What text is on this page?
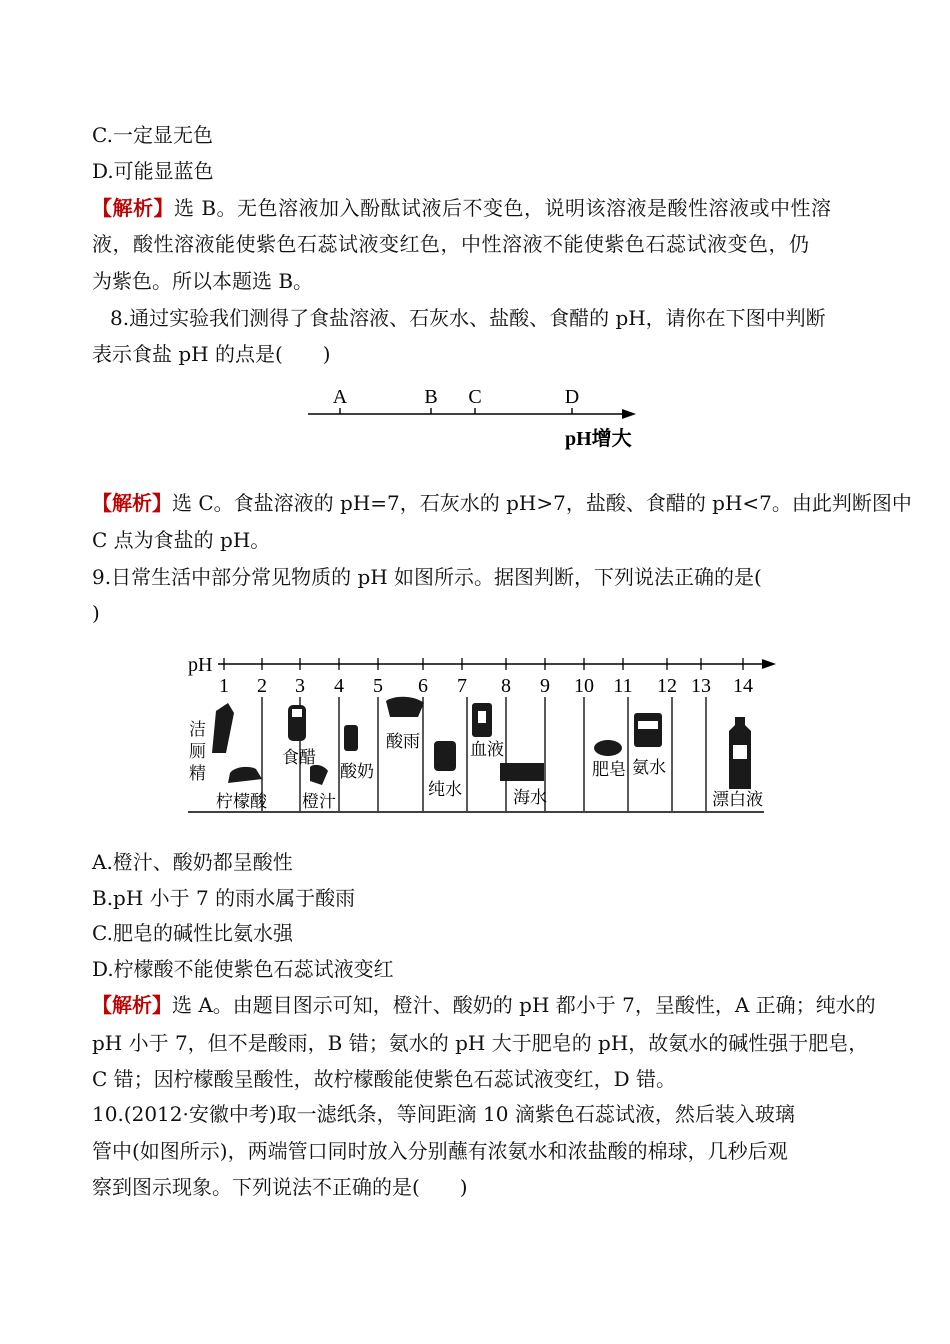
C.一定显无色
D.可能显蓝色
【解析】选 B。无色溶液加入酚酞试液后不变色，说明该溶液是酸性溶液或中性溶
液，酸性溶液能使紫色石蕊试液变红色，中性溶液不能使紫色石蕊试液变色，仍
为紫色。所以本题选 B。
8.通过实验我们测得了食盐溶液、石灰水、盐酸、食醋的 pH，请你在下图中判断
表示食盐 pH 的点是(　　)
A	B C	D
pH增大
【解析】选 C。食盐溶液的 pH=7，石灰水的 pH>7，盐酸、食醋的 pH<7。由此判断图中
C 点为食盐的 pH。
9.日常生活中部分常见物质的 pH 如图所示。据图判断，下列说法正确的是(
)
pH
1 2 3 4 5 6 7 8 9 10 11 12 13 14
柠檬酸
食醋
橙汁
酸奶
酸雨
纯水
血液
海水
肥皂 氨水
漂白液
洁厕精
A.橙汁、酸奶都呈酸性
B.pH 小于 7 的雨水属于酸雨
C.肥皂的碱性比氨水强
D.柠檬酸不能使紫色石蕊试液变红
【解析】选 A。由题目图示可知，橙汁、酸奶的 pH 都小于 7，呈酸性，A 正确；纯水的
pH 小于 7，但不是酸雨，B 错；氨水的 pH 大于肥皂的 pH，故氨水的碱性强于肥皂，
C 错；因柠檬酸呈酸性，故柠檬酸能使紫色石蕊试液变红，D 错。
10.(2012·安徽中考)取一滤纸条，等间距滴 10 滴紫色石蕊试液，然后装入玻璃
管中(如图所示)，两端管口同时放入分别蘸有浓氨水和浓盐酸的棉球，几秒后观
察到图示现象。下列说法不正确的是(　　)
